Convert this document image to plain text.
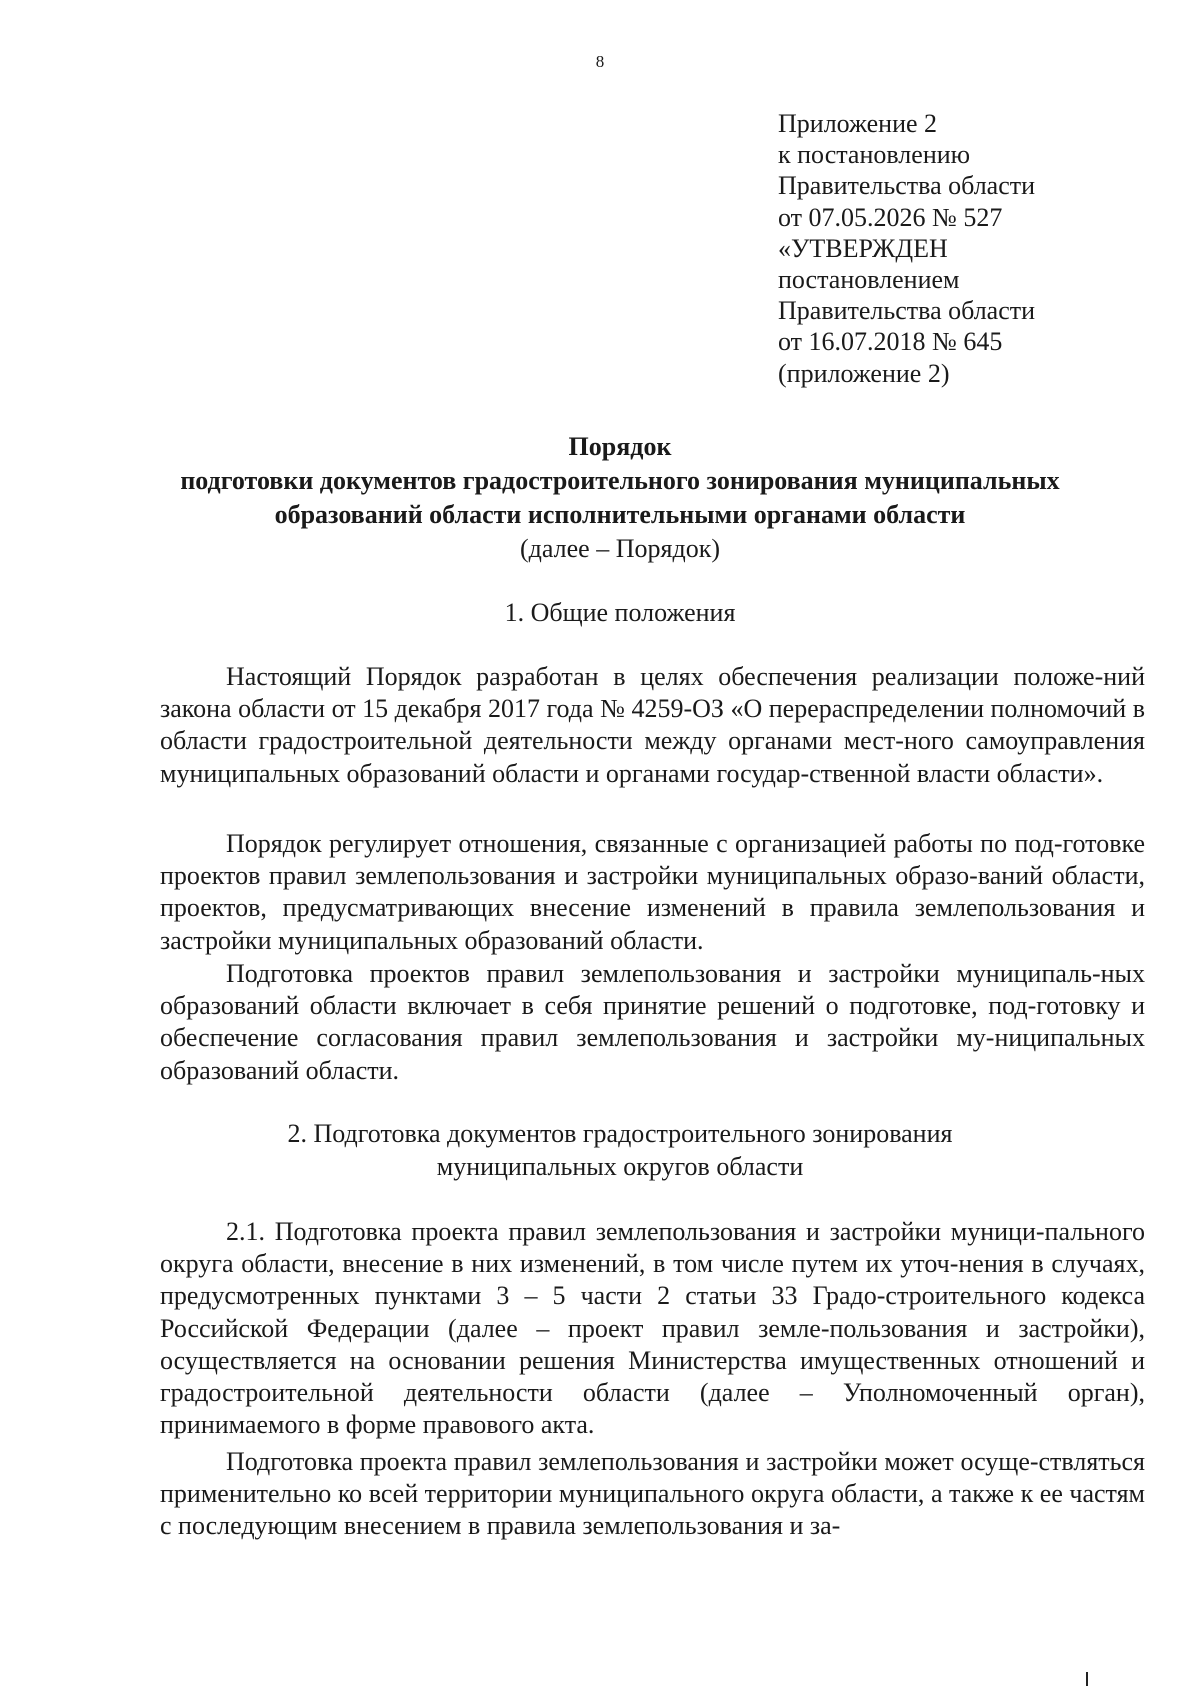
8
Приложение 2
к постановлению
Правительства области
от 07.05.2026 № 527
«УТВЕРЖДЕН
постановлением
Правительства области
от 16.07.2018 № 645
(приложение 2)
Порядок
подготовки документов градостроительного зонирования муниципальных
образований области исполнительными органами области
(далее – Порядок)
1. Общие положения
Настоящий Порядок разработан в целях обеспечения реализации положе-ний закона области от 15 декабря 2017 года № 4259-ОЗ «О перераспределении полномочий в области градостроительной деятельности между органами мест-ного самоуправления муниципальных образований области и органами государ-ственной власти области».
Порядок регулирует отношения, связанные с организацией работы по под-готовке проектов правил землепользования и застройки муниципальных образо-ваний области, проектов, предусматривающих внесение изменений в правила землепользования и застройки муниципальных образований области.
Подготовка проектов правил землепользования и застройки муниципаль-ных образований области включает в себя принятие решений о подготовке, под-готовку и обеспечение согласования правил землепользования и застройки му-ниципальных образований области.
2. Подготовка документов градостроительного зонирования
муниципальных округов области
2.1. Подготовка проекта правил землепользования и застройки муници-пального округа области, внесение в них изменений, в том числе путем их уточ-нения в случаях, предусмотренных пунктами 3 – 5 части 2 статьи 33 Градо-строительного кодекса Российской Федерации (далее – проект правил земле-пользования и застройки), осуществляется на основании решения Министерства имущественных отношений и градостроительной деятельности области (далее – Уполномоченный орган), принимаемого в форме правового акта.
Подготовка проекта правил землепользования и застройки может осуще-ствляться применительно ко всей территории муниципального округа области, а также к ее частям с последующим внесением в правила землепользования и за-
